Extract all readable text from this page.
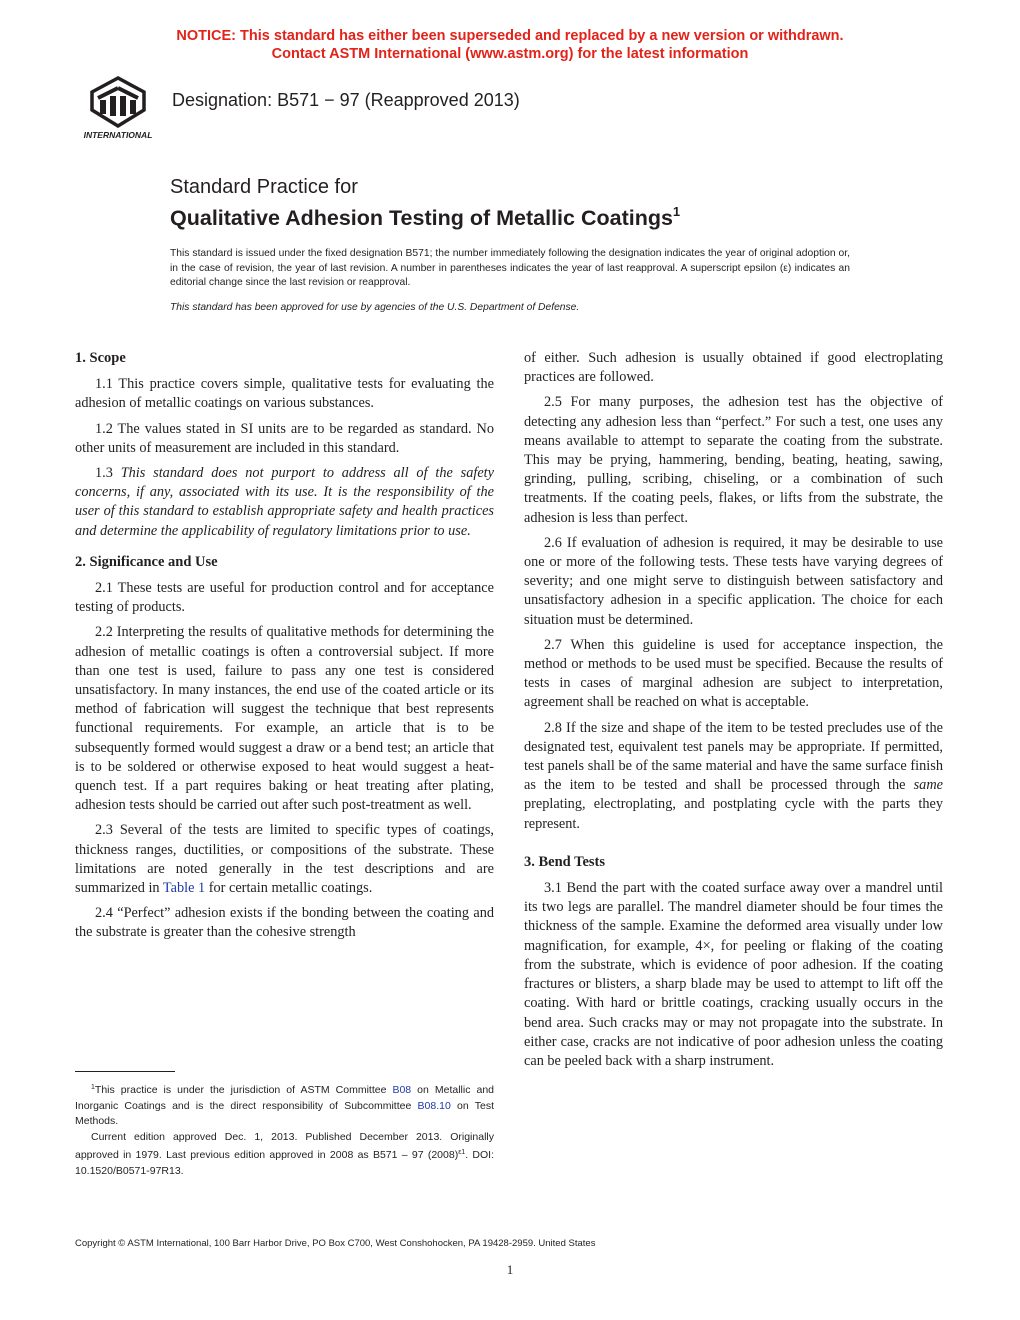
NOTICE: This standard has either been superseded and replaced by a new version or withdrawn.
Contact ASTM International (www.astm.org) for the latest information
INTERNATIONAL
Designation: B571 − 97 (Reapproved 2013)
Standard Practice for
Qualitative Adhesion Testing of Metallic Coatings$^1$
This standard is issued under the fixed designation B571; the number immediately following the designation indicates the year of original adoption or, in the case of revision, the year of last revision. A number in parentheses indicates the year of last reapproval. A superscript epsilon (ε) indicates an editorial change since the last revision or reapproval.
This standard has been approved for use by agencies of the U.S. Department of Defense.
1. Scope

1.1 This practice covers simple, qualitative tests for evaluating the adhesion of metallic coatings on various substances.

1.2 The values stated in SI units are to be regarded as standard. No other units of measurement are included in this standard.

1.3 This standard does not purport to address all of the safety concerns, if any, associated with its use. It is the responsibility of the user of this standard to establish appropriate safety and health practices and determine the applicability of regulatory limitations prior to use.

2. Significance and Use

2.1 These tests are useful for production control and for acceptance testing of products.

2.2 Interpreting the results of qualitative methods for determining the adhesion of metallic coatings is often a controversial subject. If more than one test is used, failure to pass any one test is considered unsatisfactory. In many instances, the end use of the coated article or its method of fabrication will suggest the technique that best represents functional requirements. For example, an article that is to be subsequently formed would suggest a draw or a bend test; an article that is to be soldered or otherwise exposed to heat would suggest a heat-quench test. If a part requires baking or heat treating after plating, adhesion tests should be carried out after such post-treatment as well.

2.3 Several of the tests are limited to specific types of coatings, thickness ranges, ductilities, or compositions of the substrate. These limitations are noted generally in the test descriptions and are summarized in Table 1 for certain metallic coatings.

2.4 “Perfect” adhesion exists if the bonding between the coating and the substrate is greater than the cohesive strength

of either. Such adhesion is usually obtained if good electroplating practices are followed.

2.5 For many purposes, the adhesion test has the objective of detecting any adhesion less than “perfect.” For such a test, one uses any means available to attempt to separate the coating from the substrate. This may be prying, hammering, bending, beating, heating, sawing, grinding, pulling, scribing, chiseling, or a combination of such treatments. If the coating peels, flakes, or lifts from the substrate, the adhesion is less than perfect.

2.6 If evaluation of adhesion is required, it may be desirable to use one or more of the following tests. These tests have varying degrees of severity; and one might serve to distinguish between satisfactory and unsatisfactory adhesion in a specific application. The choice for each situation must be determined.

2.7 When this guideline is used for acceptance inspection, the method or methods to be used must be specified. Because the results of tests in cases of marginal adhesion are subject to interpretation, agreement shall be reached on what is acceptable.

2.8 If the size and shape of the item to be tested precludes use of the designated test, equivalent test panels may be appropriate. If permitted, test panels shall be of the same material and have the same surface finish as the item to be tested and shall be processed through the same preplating, electroplating, and postplating cycle with the parts they represent.

3. Bend Tests

3.1 Bend the part with the coated surface away over a mandrel until its two legs are parallel. The mandrel diameter should be four times the thickness of the sample. Examine the deformed area visually under low magnification, for example, 4×, for peeling or flaking of the coating from the substrate, which is evidence of poor adhesion. If the coating fractures or blisters, a sharp blade may be used to attempt to lift off the coating. With hard or brittle coatings, cracking usually occurs in the bend area. Such cracks may or may not propagate into the substrate. In either case, cracks are not indicative of poor adhesion unless the coating can be peeled back with a sharp instrument.

$^1$This practice is under the jurisdiction of ASTM Committee B08 on Metallic and Inorganic Coatings and is the direct responsibility of Subcommittee B08.10 on Test Methods.

Current edition approved Dec. 1, 2013. Published December 2013. Originally approved in 1979. Last previous edition approved in 2008 as B571 – 97 $(2008)^{\varepsilon 1}$. DOI: 10.1520/B0571-97R13.

Copyright © ASTM International, 100 Barr Harbor Drive, PO Box C700, West Conshohocken, PA 19428-2959. United States
1
